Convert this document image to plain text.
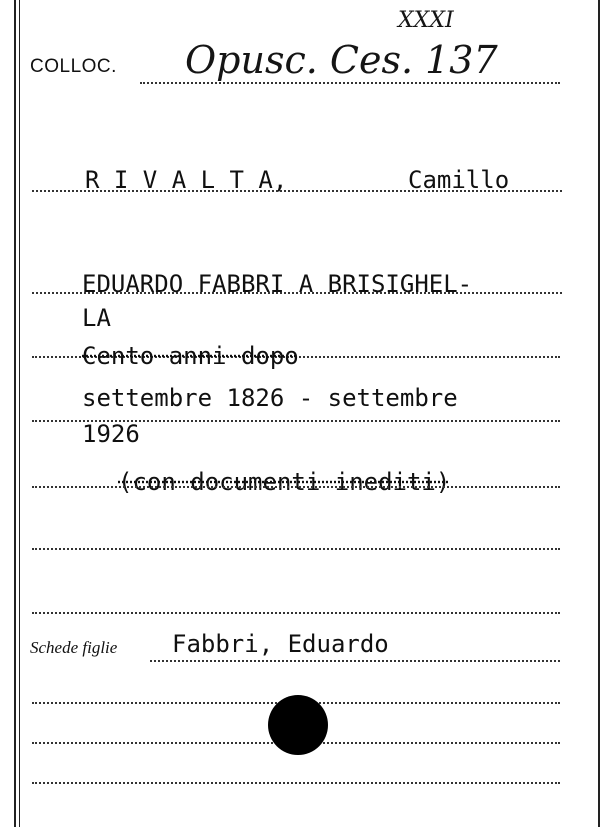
XXXI
COLLOC. Opusc. Ces. 137
R I V A L T A,	Camillo
EDUARDO FABBRI A BRISIGHEL-
LA
Cento anni dopo
settembre 1826 - settembre
1926
(con documenti inediti)
Schede figlie Fabbri, Eduardo
